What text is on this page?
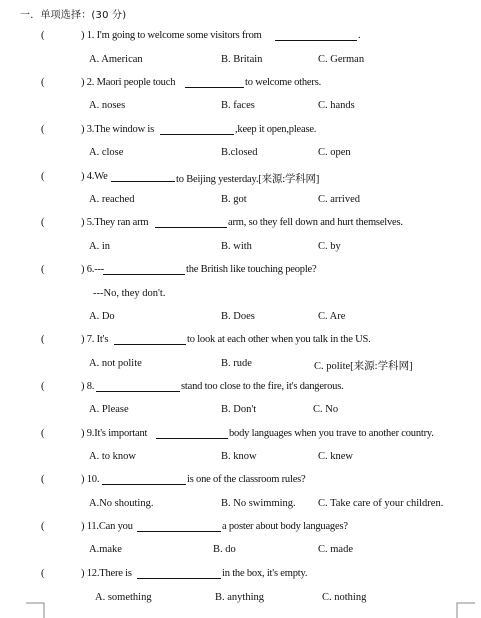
一．单项选择：(30 分)
(	) 1. I'm going to welcome some visitors from	.
A. American	B. Britain	C. German
(	) 2. Maori people touch	to welcome others.
A. noses	B. faces	C. hands
(	) 3.The window is	,keep it open,please.
A. close	B.closed	C. open
(	) 4.We	to Beijing yesterday.[来源:学科网]
A. reached	B. got	C. arrived
(	) 5.They ran arm	arm, so they fell down and hurt themselves.
A. in	B. with	C. by
(	) 6.---	the British like touching people?
---No, they don't.
A. Do	B. Does	C. Are
(	) 7. It's	to look at each other when you talk in the US.
A. not polite	B. rude	C. polite[来源:学科网]
(	) 8.	stand too close to the fire, it's dangerous.
A. Please	B. Don't	C. No
(	) 9.It's important	body languages when you trave to another country.
A. to know	B. know	C. knew
(	) 10.	is one of the classroom rules?
A.No shouting.	B. No swimming. C. Take care of your children.
(	) 11.Can you	a poster about body languages?
A.make	B. do	C. made
(	) 12.There is	in the box, it's empty.
A. something	B. anything	C. nothing
